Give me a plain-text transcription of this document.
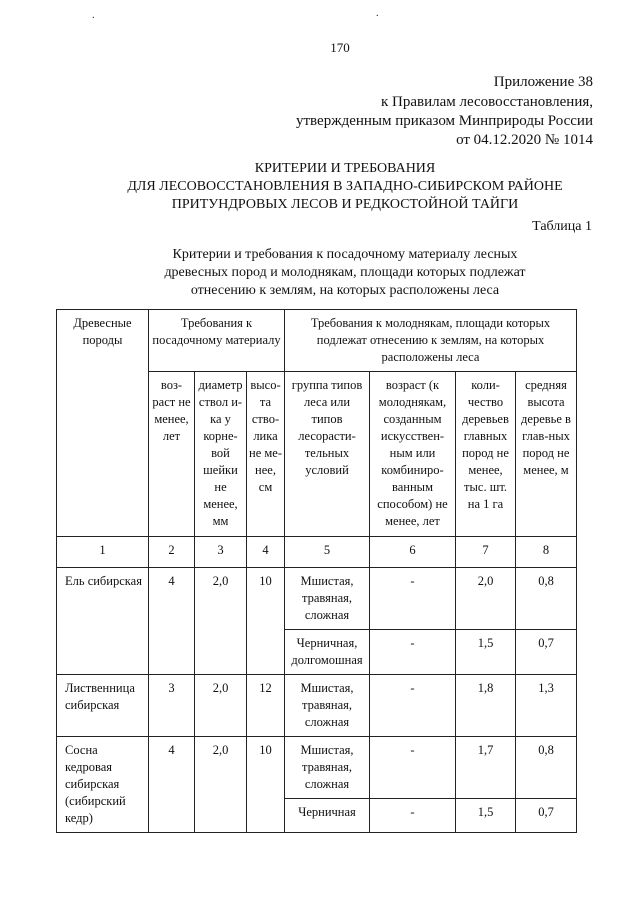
.	.
170
Приложение 38
к Правилам лесовосстановления,
утвержденным приказом Минприроды России
от 04.12.2020 № 1014
КРИТЕРИИ И ТРЕБОВАНИЯ
ДЛЯ ЛЕСОВОССТАНОВЛЕНИЯ В ЗАПАДНО-СИБИРСКОМ РАЙОНЕ
ПРИТУНДРОВЫХ ЛЕСОВ И РЕДКОСТОЙНОЙ ТАЙГИ
Таблица 1
Критерии и требования к посадочному материалу лесных
древесных пород и молоднякам, площади которых подлежат
отнесению к землям, на которых расположены леса
Древесные породы	Требования к посадочному материалу			Требования к молоднякам, площади которых подлежат отнесению к землям, на которых расположены леса			
	воз-раст не менее, лет	диаметр ствол и-ка у корне-вой шейки не менее, мм	высо-та ство-лика не ме-нее, см	группа типов леса или типов лесорасти-тельных условий	возраст (к молоднякам, созданным искусствен-ным или комбиниро-ванным способом) не менее, лет	коли-чество деревьев главных пород не менее, тыс. шт. на 1 га	средняя высота деревье в глав-ных пород не менее, м
1	2	3	4	5	6	7	8
Ель сибирская	4	2,0	10	Мшистая, травяная, сложная	-	2,0	0,8
				Черничная, долгомошная	-	1,5	0,7
Лиственница сибирская	3	2,0	12	Мшистая, травяная, сложная	-	1,8	1,3
Сосна кедровая сибирская (сибирский кедр)	4	2,0	10	Мшистая, травяная, сложная	-	1,7	0,8
				Черничная	-	1,5	0,7
